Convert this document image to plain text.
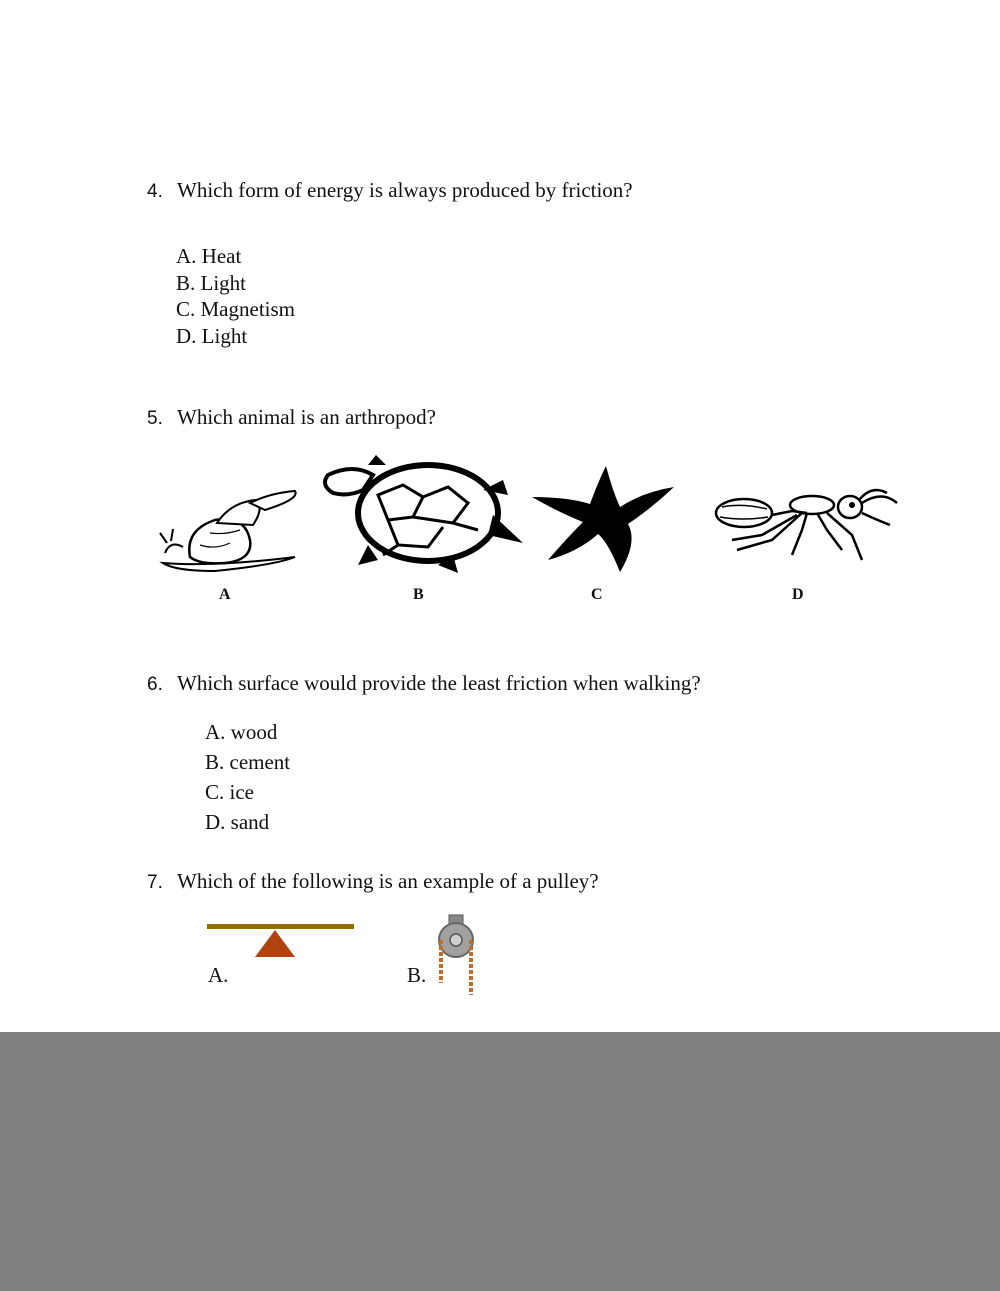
4. Which form of energy is always produced by friction?
A. Heat
B. Light
C. Magnetism
D. Light
5. Which animal is an arthropod?
A	B	C	D
6. Which surface would provide the least friction when walking?
A. wood
B. cement
C. ice
D. sand
7. Which of the following is an example of a pulley?
A.	B.
